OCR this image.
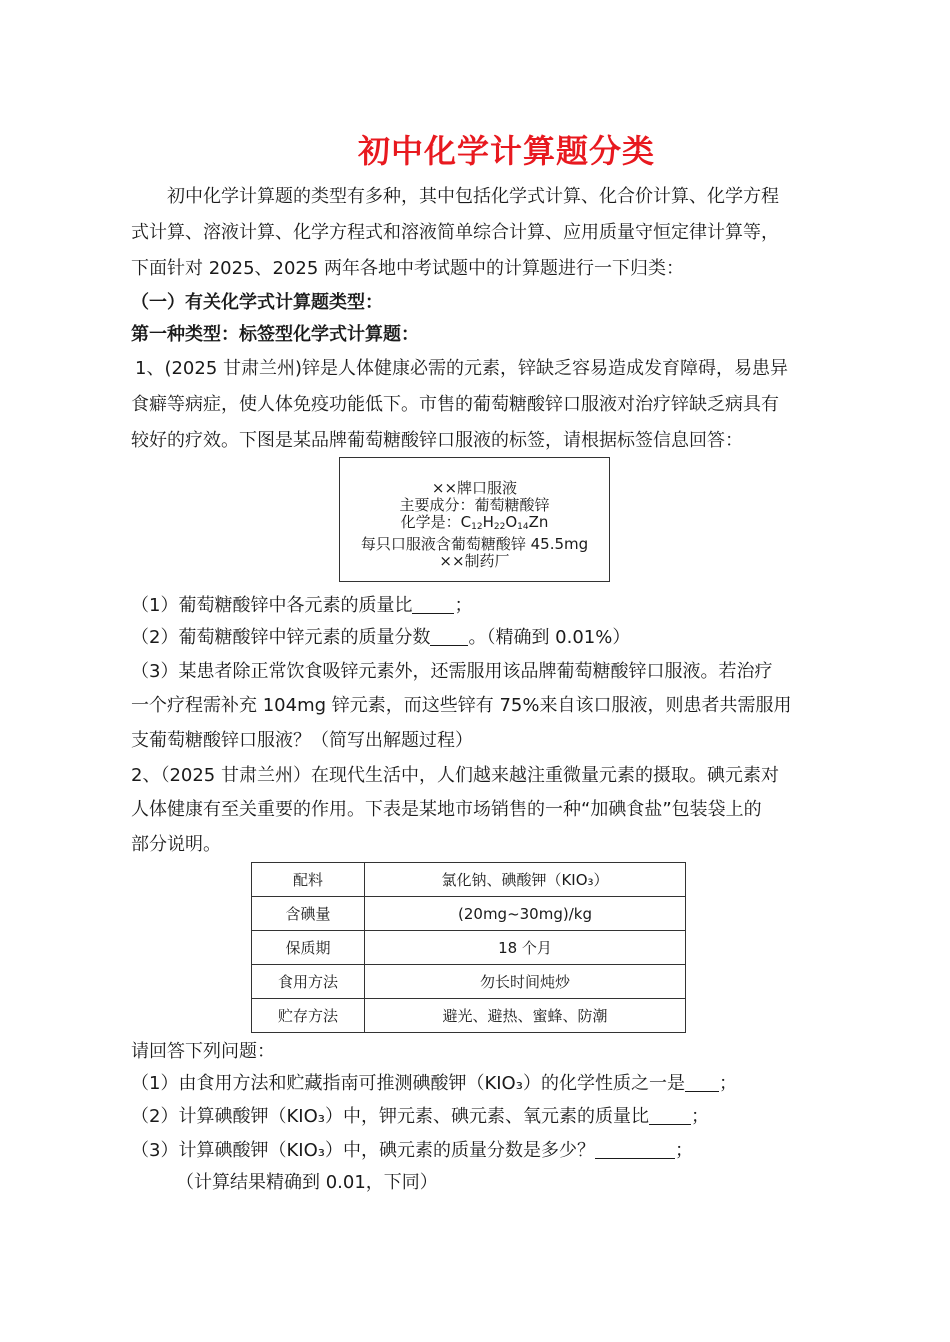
初中化学计算题分类
初中化学计算题的类型有多种，其中包括化学式计算、化合价计算、化学方程
式计算、溶液计算、化学方程式和溶液简单综合计算、应用质量守恒定律计算等，
下面针对 2025、2025 两年各地中考试题中的计算题进行一下归类：
（一）有关化学式计算题类型：
第一种类型：标签型化学式计算题：
1、(2025 甘肃兰州)锌是人体健康必需的元素，锌缺乏容易造成发育障碍，易患异
食癖等病症，使人体免疫功能低下。市售的葡萄糖酸锌口服液对治疗锌缺乏病具有
较好的疗效。下图是某品牌葡萄糖酸锌口服液的标签，请根据标签信息回答：
××牌口服液
主要成分：葡萄糖酸锌
化学是：$C_{12}H_{22}O_{14}Zn$
每只口服液含葡萄糖酸锌 45.5mg
××制药厂
（1）葡萄糖酸锌中各元素的质量比 ；
（2）葡萄糖酸锌中锌元素的质量分数 。（精确到 0.01%）
（3）某患者除正常饮食吸锌元素外，还需服用该品牌葡萄糖酸锌口服液。若治疗
一个疗程需补充 104mg 锌元素，而这些锌有 75%来自该口服液，则患者共需服用
支葡萄糖酸锌口服液？（简写出解题过程）
2、（2025 甘肃兰州）在现代生活中，人们越来越注重微量元素的摄取。碘元素对
人体健康有至关重要的作用。下表是某地市场销售的一种“加碘食盐”包装袋上的
部分说明。
配料	氯化钠、碘酸钾（KIO₃）
含碘量	(20mg~30mg)/kg
保质期	18 个月
食用方法	勿长时间炖炒
贮存方法	避光、避热、蜜蜂、防潮
请回答下列问题：
（1）由食用方法和贮藏指南可推测碘酸钾（KIO₃）的化学性质之一是 ；
（2）计算碘酸钾（KIO₃）中，钾元素、碘元素、氧元素的质量比 ；
（3）计算碘酸钾（KIO₃）中，碘元素的质量分数是多少？	；
（计算结果精确到 0.01，下同）
